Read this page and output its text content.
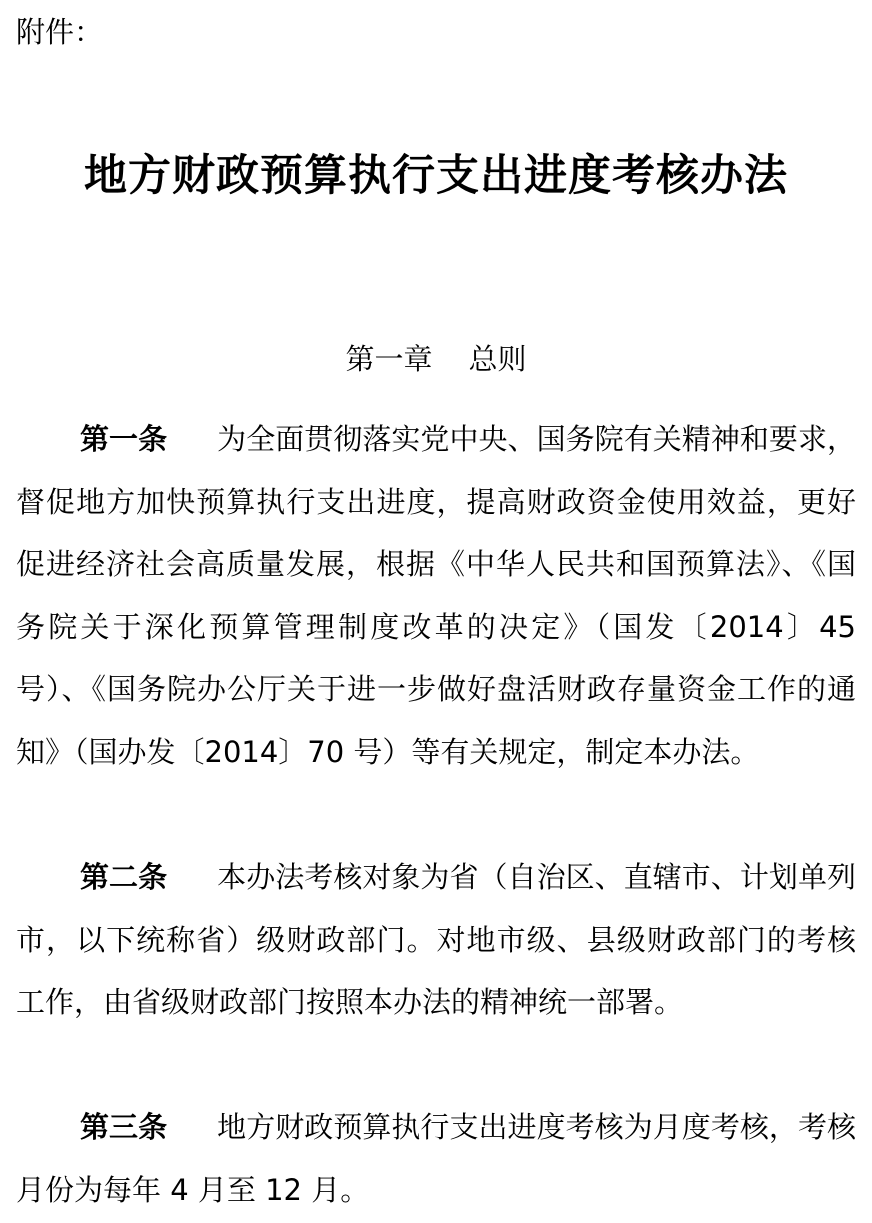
附件：
地方财政预算执行支出进度考核办法
第一章 总则

第一条 为全面贯彻落实党中央、国务院有关精神和要求，督促地方加快预算执行支出进度，提高财政资金使用效益，更好促进经济社会高质量发展，根据《中华人民共和国预算法》、《国务院关于深化预算管理制度改革的决定》（国发〔2014〕45 号）、《国务院办公厅关于进一步做好盘活财政存量资金工作的通知》（国办发〔2014〕70 号）等有关规定，制定本办法。

第二条 本办法考核对象为省（自治区、直辖市、计划单列市，以下统称省）级财政部门。对地市级、县级财政部门的考核工作，由省级财政部门按照本办法的精神统一部署。

第三条 地方财政预算执行支出进度考核为月度考核，考核月份为每年 4 月至 12 月。
